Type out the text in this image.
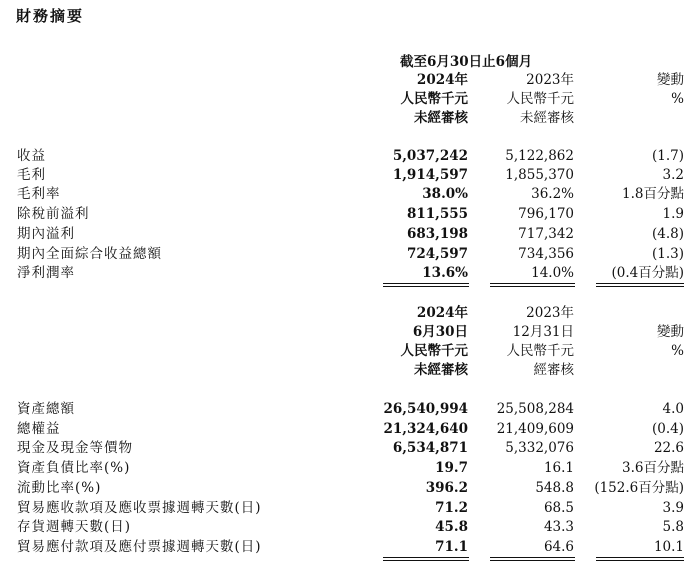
財務摘要
截至6月30日止6個月
2024年
人民幣千元
未經審核
2023年
人民幣千元
未經審核
變動
%
收益	5,037,242	5,122,862	(1.7)
毛利	1,914,597	1,855,370	3.2
毛利率	38.0%	36.2%	1.8百分點
除稅前溢利	811,555	796,170	1.9
期內溢利	683,198	717,342	(4.8)
期內全面綜合收益總額	724,597	734,356	(1.3)
淨利潤率	13.6%	14.0%	(0.4百分點)
2024年
6月30日
人民幣千元
未經審核
2023年
12月31日
人民幣千元
經審核
變動
%
資產總額	26,540,994 25,508,284	4.0
總權益	21,324,640 21,409,609	(0.4)
現金及現金等價物	6,534,871	5,332,076	22.6
資產負債比率(%)	19.7	16.1	3.6百分點
流動比率(%)	396.2	548.8 (152.6百分點)
貿易應收款項及應收票據週轉天數(日)	71.2	68.5	3.9
存貨週轉天數(日)	45.8	43.3	5.8
貿易應付款項及應付票據週轉天數(日)	71.1	64.6	10.1
